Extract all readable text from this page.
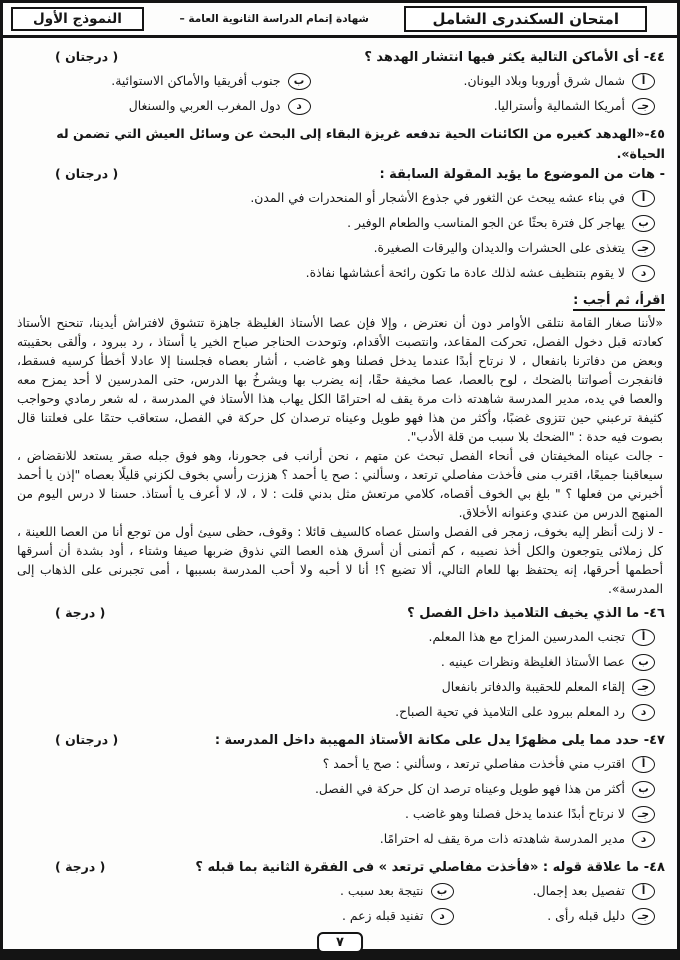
امتحان السكندرى الشامل
شهادة إتمام الدراسة الثانوية العامة –
النموذج الأول
٤٤- أى الأماكن التالية يكثر فيها انتشار الهدهد ؟
( درجتان )
أ
شمال شرق أوروبا وبلاد اليونان.
ب
جنوب أفريقيا والأماكن الاستوائية.
جـ
أمريكا الشمالية وأستراليا.
د
دول المغرب العربي والسنغال
٤٥-«الهدهد كغيره من الكائنات الحية تدفعه غريزة البقاء إلى البحث عن وسائل العيش التي تضمن له الحياة».
- هات من الموضوع ما يؤيد المقولة السابقة :
( درجتان )
أ
في بناء عشه يبحث عن الثغور في جذوع الأشجار أو المنحدرات في المدن.
ب
يهاجر كل فترة بحثًا عن الجو المناسب والطعام الوفير .
جـ
يتغذى على الحشرات والديدان واليرقات الصغيرة.
د
لا يقوم بتنظيف عشه لذلك عادة ما تكون رائحة أعشاشها نفاذة.
اقرأ، ثم أجب :

«لأننا صغار القامة نتلقى الأوامر دون أن نعترض ، وإلا فإن عصا الأستاذ الغليظة جاهزة تتشوق لافتراش أيدينا، تنحنح الأستاذ كعادته قبل دخول الفصل، تحركت المقاعد، وانتصبت الأقدام، وتوحدت الحناجر صباح الخير يا أستاذ ، رد ببرود ، وألقى بحقيبته وبعض من دفاترنا بانفعال ، لا نرتاح أبدًا عندما يدخل فصلنا وهو غاضب ، أشار بعصاه فجلسنا إلا عادلا أخطأ كرسيه فسقط، فانفجرت أصواتنا بالضحك ، لوح بالعصا، عصا مخيفة حقًا، إنه يضرب بها ويشرخُ بها الدرس، حتى المدرسين لا أحد يمزح معه والعصا في يده، مدير المدرسة شاهدته ذات مرة يقف له احترامًا الكل يهاب هذا الأستاذ في المدرسة ، له شعر رمادي وحواجب كثيفة ترعبني حين تتزوى غضبًا، وأكثر من هذا فهو طويل وعيناه ترصدان كل حركة في الفصل، ستعاقب حتمًا على فعلتنا قال بصوت فيه حدة : "الضحك بلا سبب من قلة الأدب".

- جالت عيناه المخيفتان فى أنحاء الفصل تبحث عن متهم ، نحن أرانب فى جحورنا، وهو فوق جبله صقر يستعد للانقضاض ، سيعاقبنا جميعًا، اقترب منى فأخذت مفاصلي ترتعد ، وسألني : صح يا أحمد ؟ هززت رأسي بخوف لكزني قليلًا بعصاه "إذن يا أحمد أخبرني من فعلها ؟ " بلغ بي الخوف أقصاه، كلامي مرتعش مثل بدني قلت : لا ، لا، لا أعرف يا أستاذ. حسنا لا درس اليوم من المنهج الدرس من عندي وعنوانه الأخلاق.

- لا زلت أنظر إليه بخوف، زمجر فى الفصل واستل عصاه كالسيف قائلا : وقوف، حظى سيئ أول من توجع أنا من العصا اللعينة ، كل زملائى يتوجعون والكل أخذ نصيبه ، كم أتمنى أن أسرق هذه العصا التي نذوق ضربها صيفا وشتاء ، أود بشدة أن أسرقها أحطمها أحرقها، إنه يحتفظ بها للعام التالي، ألا تضيع ؟! أنا لا أحبه ولا أحب المدرسة بسببها ، أمى تجبرنى على الذهاب إلى المدرسة».

٤٦- ما الذي يخيف التلاميذ داخل الفصل ؟
( درجة )
أ
تجنب المدرسين المزاح مع هذا المعلم.
ب
عصا الأستاذ الغليظة ونظرات عينيه .
جـ
إلقاء المعلم للحقيبة والدفاتر بانفعال
د
رد المعلم ببرود على التلاميذ في تحية الصباح.
٤٧- حدد مما يلى مظهرًا يدل على مكانة الأستاذ المهيبة داخل المدرسة :
( درجتان )
أ
اقترب مني فأخذت مفاصلي ترتعد ، وسألني : صح يا أحمد ؟
ب
أكثر من هذا فهو طويل وعيناه ترصد ان كل حركة في الفصل.
جـ
لا نرتاح أبدًا عندما يدخل فصلنا وهو غاضب .
د
مدير المدرسة شاهدته ذات مرة يقف له احترامًا.
٤٨- ما علاقة قوله : «فأخذت مفاصلي ترتعد » فى الفقرة الثانية بما قبله ؟
( درجة )
أ
تفصيل بعد إجمال.
ب
نتيجة بعد سبب .
جـ
دليل قبله رأى .
د
تفنيد قبله زعم .
٧
